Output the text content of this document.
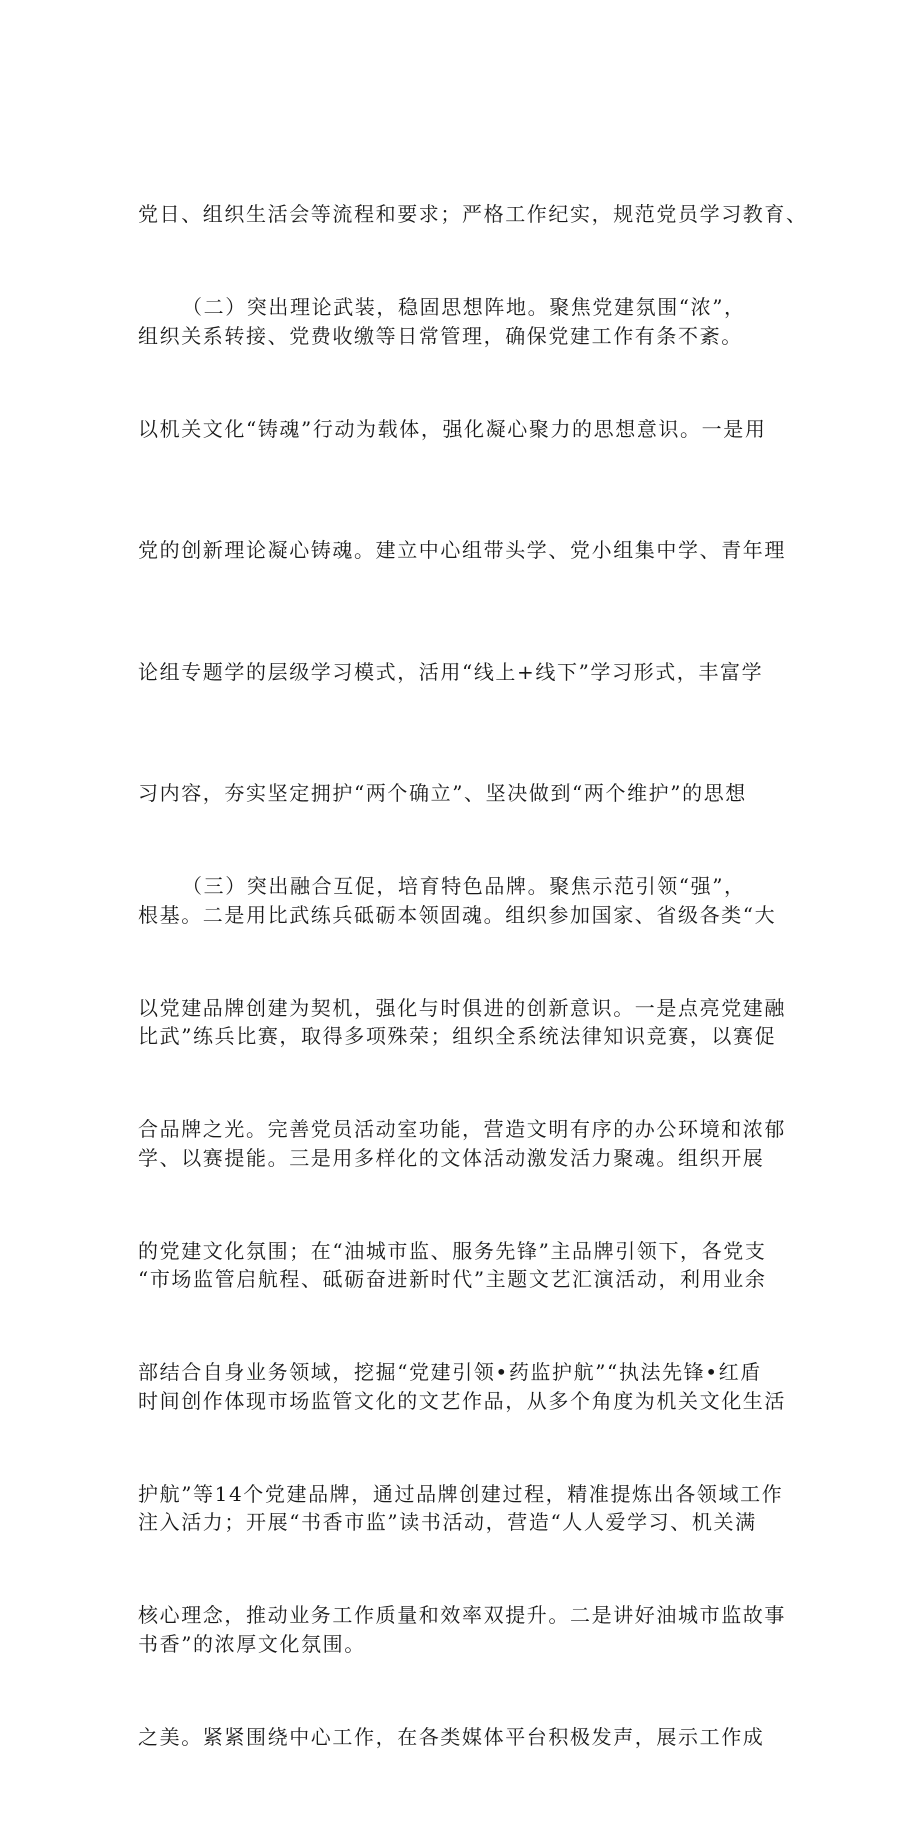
党日、组织生活会等流程和要求；严格工作纪实，规范党员学习教育、

组织关系转接、党费收缴等日常管理，确保党建工作有条不紊。

（二）突出理论武装，稳固思想阵地。聚焦党建氛围“浓”，

以机关文化“铸魂”行动为载体，强化凝心聚力的思想意识。一是用

党的创新理论凝心铸魂。建立中心组带头学、党小组集中学、青年理

论组专题学的层级学习模式，活用“线上+线下”学习形式，丰富学

习内容，夯实坚定拥护“两个确立”、坚决做到“两个维护”的思想

根基。二是用比武练兵砥砺本领固魂。组织参加国家、省级各类“大

比武”练兵比赛，取得多项殊荣；组织全系统法律知识竞赛，以赛促

学、以赛提能。三是用多样化的文体活动激发活力聚魂。组织开展

“市场监管启航程、砥砺奋进新时代”主题文艺汇演活动，利用业余

时间创作体现市场监管文化的文艺作品，从多个角度为机关文化生活

注入活力；开展“书香市监”读书活动，营造“人人爱学习、机关满

书香”的浓厚文化氛围。

（三）突出融合互促，培育特色品牌。聚焦示范引领“强”，

以党建品牌创建为契机，强化与时俱进的创新意识。一是点亮党建融

合品牌之光。完善党员活动室功能，营造文明有序的办公环境和浓郁

的党建文化氛围；在“油城市监、服务先锋”主品牌引领下，各党支

部结合自身业务领域，挖掘“党建引领•药监护航”“执法先锋•红盾

护航”等14个党建品牌，通过品牌创建过程，精准提炼出各领域工作

核心理念，推动业务工作质量和效率双提升。二是讲好油城市监故事

之美。紧紧围绕中心工作，在各类媒体平台积极发声，展示工作成
